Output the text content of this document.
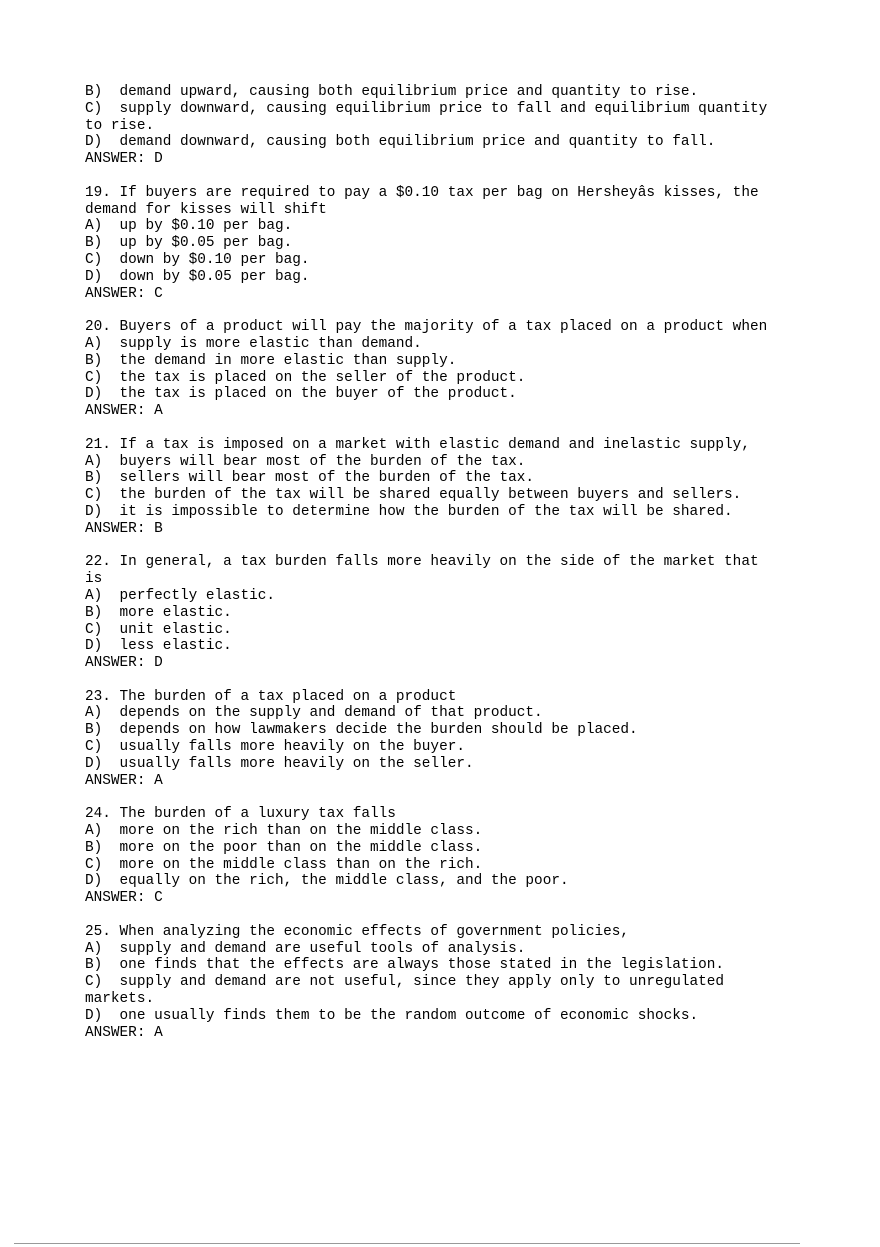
B)  demand upward, causing both equilibrium price and quantity to rise.
C)  supply downward, causing equilibrium price to fall and equilibrium quantity
to rise.
D)  demand downward, causing both equilibrium price and quantity to fall.
ANSWER: D
19. If buyers are required to pay a $0.10 tax per bag on Hersheyâs kisses, the
demand for kisses will shift
A)  up by $0.10 per bag.
B)  up by $0.05 per bag.
C)  down by $0.10 per bag.
D)  down by $0.05 per bag.
ANSWER: C
20. Buyers of a product will pay the majority of a tax placed on a product when
A)  supply is more elastic than demand.
B)  the demand in more elastic than supply.
C)  the tax is placed on the seller of the product.
D)  the tax is placed on the buyer of the product.
ANSWER: A
21. If a tax is imposed on a market with elastic demand and inelastic supply,
A)  buyers will bear most of the burden of the tax.
B)  sellers will bear most of the burden of the tax.
C)  the burden of the tax will be shared equally between buyers and sellers.
D)  it is impossible to determine how the burden of the tax will be shared.
ANSWER: B
22. In general, a tax burden falls more heavily on the side of the market that
is
A)  perfectly elastic.
B)  more elastic.
C)  unit elastic.
D)  less elastic.
ANSWER: D
23. The burden of a tax placed on a product
A)  depends on the supply and demand of that product.
B)  depends on how lawmakers decide the burden should be placed.
C)  usually falls more heavily on the buyer.
D)  usually falls more heavily on the seller.
ANSWER: A
24. The burden of a luxury tax falls
A)  more on the rich than on the middle class.
B)  more on the poor than on the middle class.
C)  more on the middle class than on the rich.
D)  equally on the rich, the middle class, and the poor.
ANSWER: C
25. When analyzing the economic effects of government policies,
A)  supply and demand are useful tools of analysis.
B)  one finds that the effects are always those stated in the legislation.
C)  supply and demand are not useful, since they apply only to unregulated
markets.
D)  one usually finds them to be the random outcome of economic shocks.
ANSWER: A
